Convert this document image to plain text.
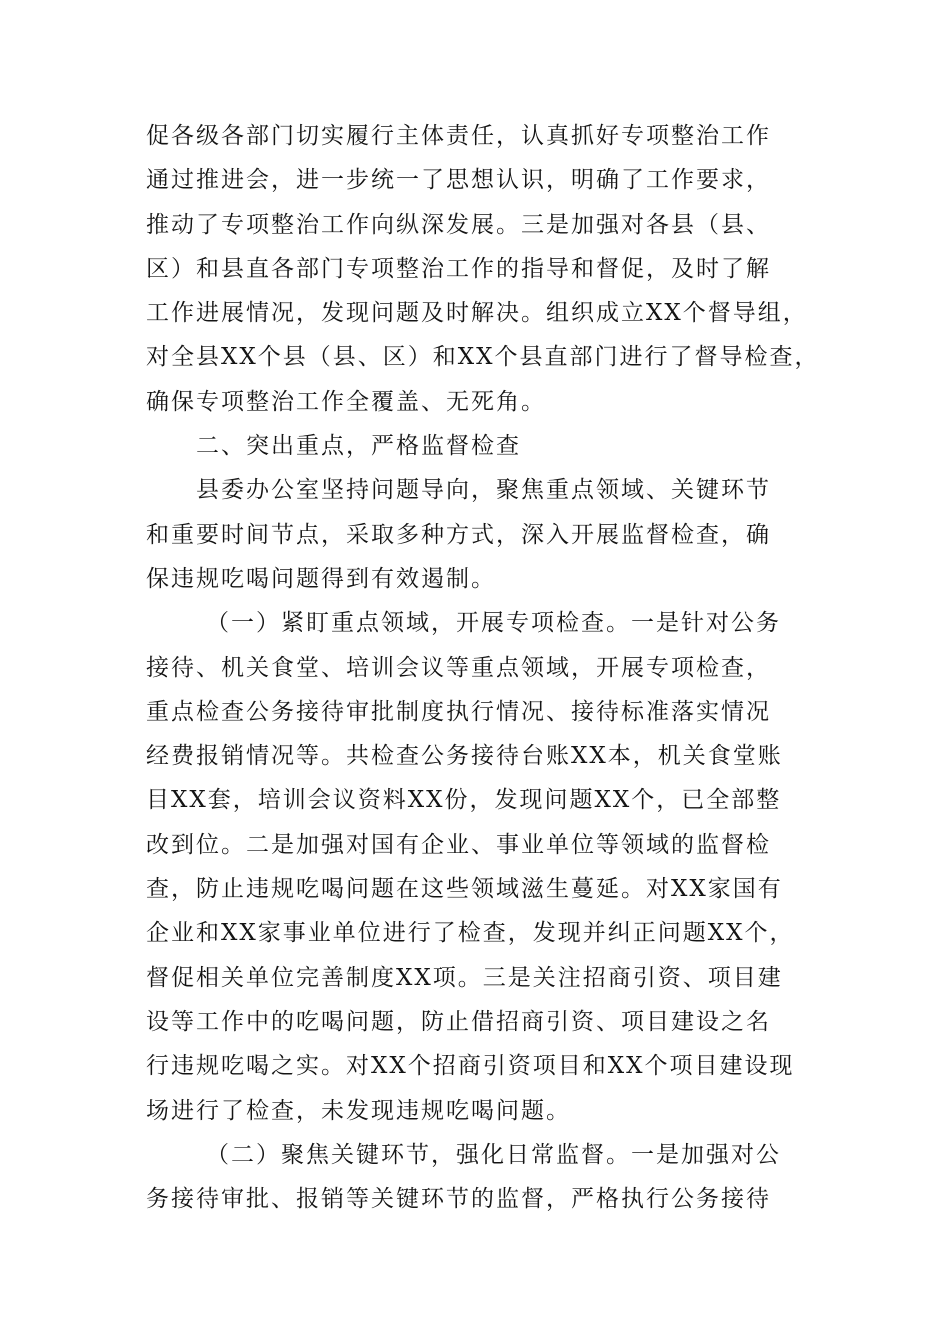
促各级各部门切实履行主体责任，认真抓好专项整治工作
通过推进会，进一步统一了思想认识，明确了工作要求，
推动了专项整治工作向纵深发展。三是加强对各县（县、
区）和县直各部门专项整治工作的指导和督促，及时了解
工作进展情况，发现问题及时解决。组织成立XX个督导组，
对全县XX个县（县、区）和XX个县直部门进行了督导检查，
确保专项整治工作全覆盖、无死角。
二、突出重点，严格监督检查
县委办公室坚持问题导向，聚焦重点领域、关键环节
和重要时间节点，采取多种方式，深入开展监督检查，确
保违规吃喝问题得到有效遏制。
（一）紧盯重点领域，开展专项检查。一是针对公务
接待、机关食堂、培训会议等重点领域，开展专项检查，
重点检查公务接待审批制度执行情况、接待标准落实情况
经费报销情况等。共检查公务接待台账XX本，机关食堂账
目XX套，培训会议资料XX份，发现问题XX个，已全部整
改到位。二是加强对国有企业、事业单位等领域的监督检
查，防止违规吃喝问题在这些领域滋生蔓延。对XX家国有
企业和XX家事业单位进行了检查，发现并纠正问题XX个，
督促相关单位完善制度XX项。三是关注招商引资、项目建
设等工作中的吃喝问题，防止借招商引资、项目建设之名
行违规吃喝之实。对XX个招商引资项目和XX个项目建设现
场进行了检查，未发现违规吃喝问题。
（二）聚焦关键环节，强化日常监督。一是加强对公
务接待审批、报销等关键环节的监督，严格执行公务接待
